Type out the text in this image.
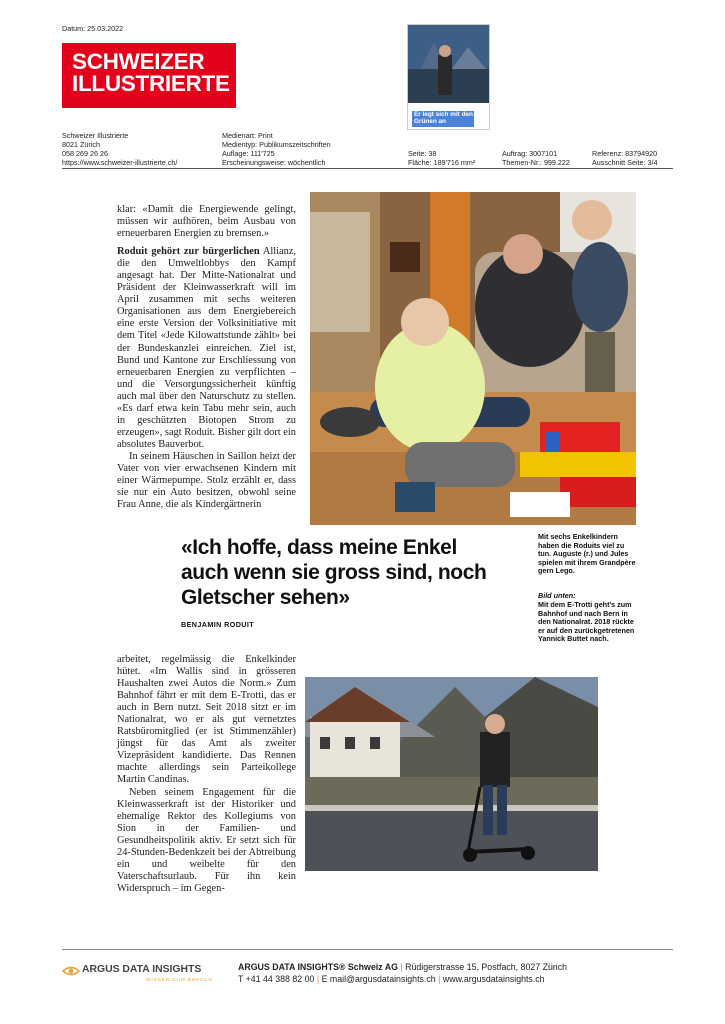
Datum: 25.03.2022
SCHWEIZER
ILLUSTRIERTE
Er legt sich mit den Grünen an
Schweizer Illustrierte
8021 Zürich
058 269 26 26
https://www.schweizer-illustrierte.ch/
Medienart: Print
Medientyp: Publikumszeitschriften
Auflage: 111'725
Erscheinungsweise: wöchentlich
Seite: 38
Fläche: 189'716 mm²
Auftrag: 3007101
Themen-Nr.: 999.222
Referenz: 83794920
Ausschnitt Seite: 3/4

klar: «Damit die Energiewende gelingt, müssen wir aufhören, beim Ausbau von erneuerbaren Energien zu bremsen.»

Roduit gehört zur bürgerlichen Allianz, die den Umweltlobbys den Kampf angesagt hat. Der Mitte-Nationalrat und Präsident der Kleinwasserkraft will im April zusammen mit sechs weiteren Organisationen aus dem Energiebereich eine erste Version der Volksinitiative mit dem Titel «Jede Kilowattstunde zählt» bei der Bundeskanzlei einreichen. Ziel ist, Bund und Kantone zur Erschliessung von erneuerbaren Energien zu verpflichten – und die Versorgungssicherheit künftig auch mal über den Naturschutz zu stellen. «Es darf etwa kein Tabu mehr sein, auch in geschützten Biotopen Strom zu erzeugen», sagt Roduit. Bisher gilt dort ein absolutes Bauverbot.

In seinem Häuschen in Saillon heizt der Vater von vier erwachsenen Kindern mit einer Wärmepumpe. Stolz erzählt er, dass sie nur ein Auto besitzen, obwohl seine Frau Anne, die als Kindergärtnerin

«Ich hoffe, dass meine Enkel auch wenn sie gross sind, noch Gletscher sehen»
BENJAMIN RODUIT
Mit sechs Enkelkindern haben die Roduits viel zu tun. Auguste (r.) und Jules spielen mit ihrem Grandpère gern Lego.
Bild unten:
Mit dem E-Trotti geht's zum Bahnhof und nach Bern in den Nationalrat. 2018 rückte er auf den zurückgetretenen Yannick Buttet nach.

arbeitet, regelmässig die Enkelkinder hütet. «Im Wallis sind in grösseren Haushalten zwei Autos die Norm.» Zum Bahnhof fährt er mit dem E-Trotti, das er auch in Bern nutzt. Seit 2018 sitzt er im Nationalrat, wo er als gut vernetztes Ratsbüromitglied (er ist Stimmenzähler) jüngst für das Amt als zweiter Vizepräsident kandidierte. Das Rennen machte allerdings sein Parteikollege Martin Candinas.

Neben seinem Engagement für die Kleinwasserkraft ist der Historiker und ehemalige Rektor des Kollegiums von Sion in der Familien- und Gesundheitspolitik aktiv. Er setzt sich für 24-Stunden-Bedenkzeit bei der Abtreibung ein und weibelte für den Vaterschaftsurlaub. Für ihn kein Widerspruch – im Gegen-

ARGUS DATA INSIGHTS
WISSEN ZUM ERFOLG
ARGUS DATA INSIGHTS® Schweiz AG | Rüdigerstrasse 15, Postfach, 8027 Zürich
T +41 44 388 82 00 | E mail@argusdatainsights.ch | www.argusdatainsights.ch
